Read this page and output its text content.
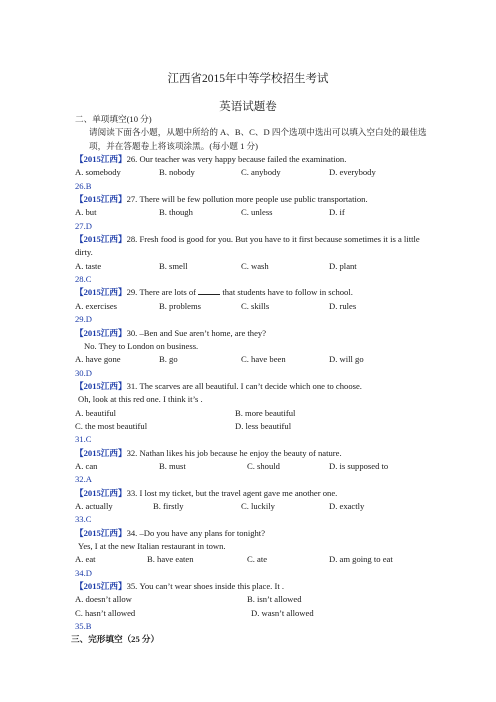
江西省2015年中等学校招生考试
英语试题卷
二、单项填空(10 分)
请阅读下面各小题，从题中所给的 A、B、C、D 四个选项中选出可以填入空白处的最佳选项，并在答题卷上将该项涂黑。(每小题 1 分)
【2015江西】26. Our teacher was very happy because failed the examination.
A. somebody	B. nobody	C. anybody	D. everybody
26.B
【2015江西】27. There will be few pollution more people use public transportation.
A. but	B. though	C. unless	D. if
27.D
【2015江西】28. Fresh food is good for you. But you have to it first because sometimes it is a little dirty.
A. taste	B. smell	C. wash	D. plant
28.C
【2015江西】29. There are lots of	that students have to follow in school.
A. exercises	B. problems	C. skills	D. rules
29.D
【2015江西】30. –Ben and Sue aren’t home, are they?
No. They to London on business.
A. have gone	B. go	C. have been	D. will go
30.D
【2015江西】31. The scarves are all beautiful. I can’t decide which one to choose.
Oh, look at this red one. I think it’s .
A. beautiful	B. more beautiful
C. the most beautiful	D. less beautiful
31.C
【2015江西】32. Nathan likes his job because he enjoy the beauty of nature.
A. can	B. must	C. should	D. is supposed to
32.A
【2015江西】33. I lost my ticket, but the travel agent gave me another one.
A. actually	B. firstly	C. luckily	D. exactly
33.C
【2015江西】34. –Do you have any plans for tonight?
Yes, I at the new Italian restaurant in town.
A. eat	B. have eaten	C. ate	D. am going to eat
34.D
【2015江西】35. You can’t wear shoes inside this place. It .
A. doesn’t allow	B. isn’t allowed
C. hasn’t allowed	D. wasn’t allowed
35.B
三、完形填空（25 分）
